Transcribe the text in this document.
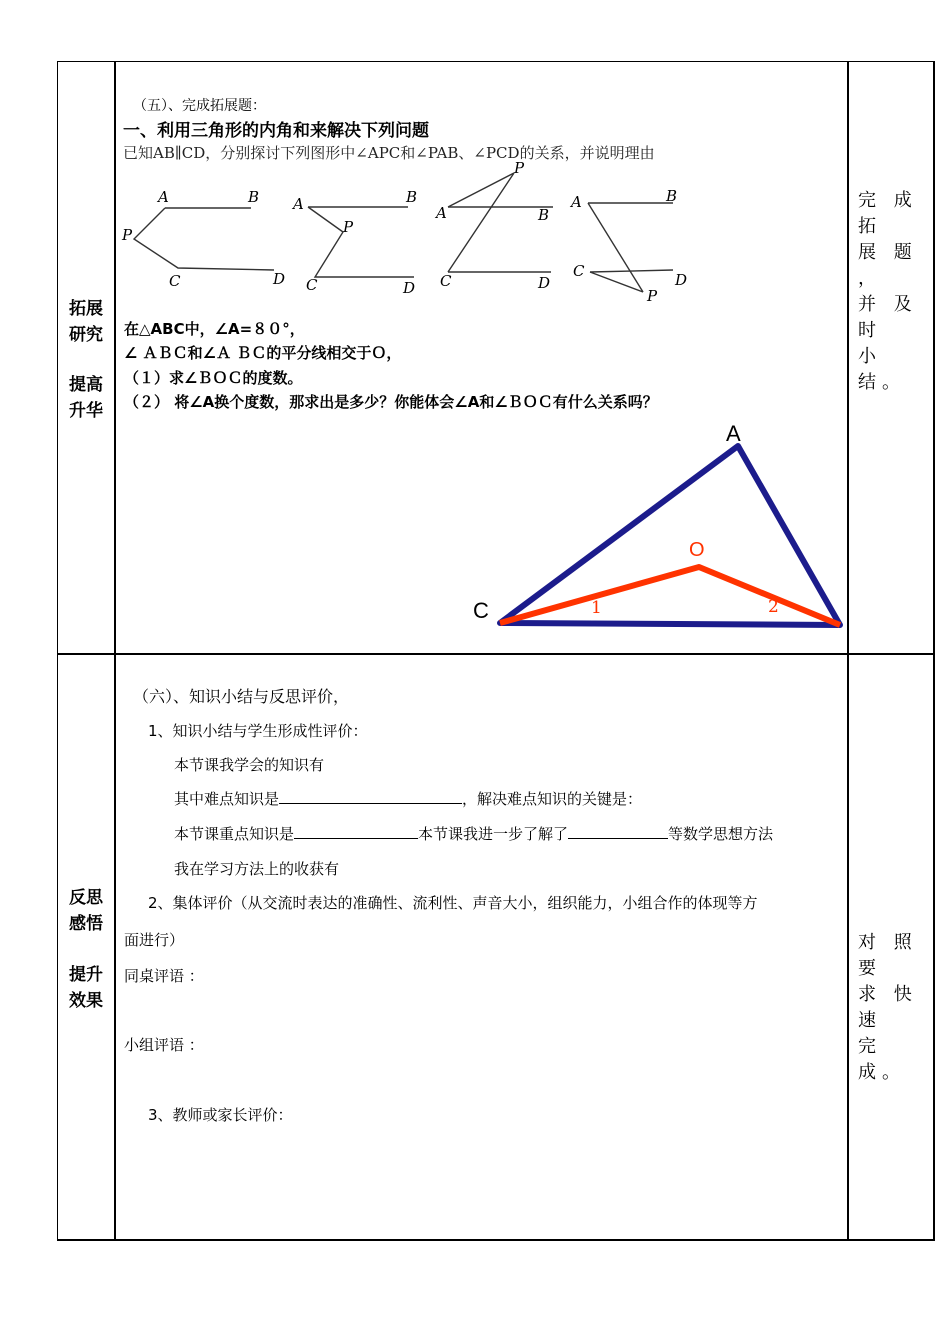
拓展
研究
提高
升华
（五）、完成拓展题：
一、利用三角形的内角和来解决下列问题
已知AB∥CD，分别探讨下列图形中∠APC和∠PAB、∠PCD的关系，并说明理由
A	B
P
C	D
A	B
P
C	D
P
A	B
C	D
A	B
C	D
P
在△ABC中，∠A=８０°，
∠ ＡＢＣ和∠Ａ ＢＣ的平分线相交于Ｏ，
（１）求∠ＢＯＣ的度数。
（２） 将∠A换个度数，那求出是多少？你能体会∠A和∠ＢＯＣ有什么关系吗？
A
C
O
1	2
完 成 拓
展 题 ，
并 及 时
小结。
反思
感悟
提升
效果
（六）、知识小结与反思评价，
1、知识小结与学生形成性评价：
本节课我学会的知识有
其中难点知识是	，解决难点知识的关键是：
本节课重点知识是	本节课我进一步了解了	等数学思想方法
我在学习方法上的收获有
2、集体评价（从交流时表达的准确性、流利性、声音大小，组织能力，小组合作的体现等方
面进行）
同桌评语 ：
小组评语 ：
3、教师或家长评价：
对 照 要
求 快 速
完成。
